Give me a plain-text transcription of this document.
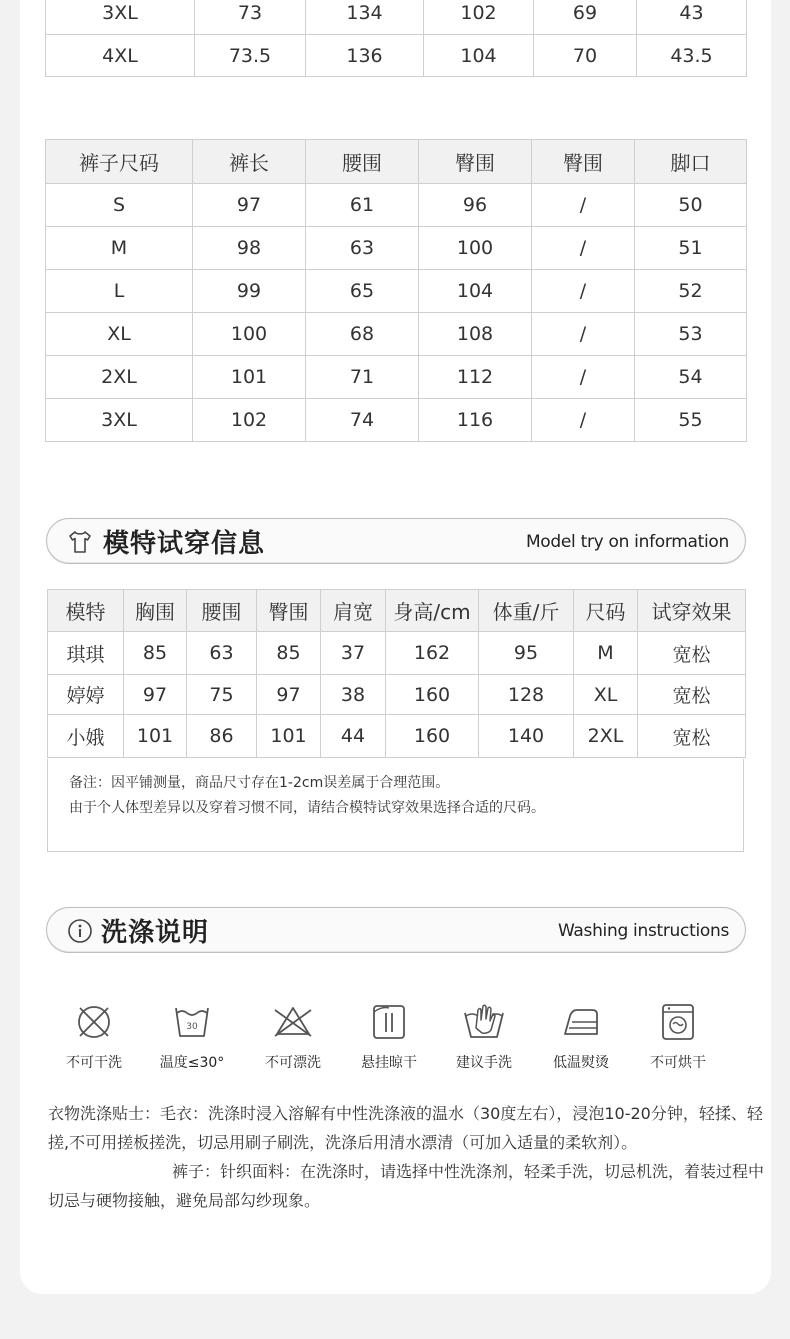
3XL	73	134	102	69	43
4XL	73.5	136	104	70	43.5
裤子尺码	裤长	腰围	臀围	臀围	脚口
S	97	61	96	/	50
M	98	63	100	/	51
L	99	65	104	/	52
XL	100	68	108	/	53
2XL	101	71	112	/	54
3XL	102	74	116	/	55
模特试穿信息	Model try on information
模特	胸围	腰围	臀围	肩宽	身高/cm	体重/斤	尺码	试穿效果
琪琪	85	63	85	37	162	95	M	宽松
婷婷	97	75	97	38	160	128	XL	宽松
小娥	101	86	101	44	160	140	2XL	宽松
备注：因平铺测量，商品尺寸存在1-2cm误差属于合理范围。
由于个人体型差异以及穿着习惯不同，请结合模特试穿效果选择合适的尺码。
洗涤说明	Washing instructions
不可干洗
30
温度≤30°	不可漂洗	悬挂晾干	建议手洗	低温熨烫	不可烘干

衣物洗涤贴士：毛衣：洗涤时浸入溶解有中性洗涤液的温水（30度左右），浸泡10-20分钟，轻揉、轻搓,不可用搓板搓洗，切忌用刷子刷洗，洗涤后用清水漂清（可加入适量的柔软剂）。

裤子：针织面料：在洗涤时，请选择中性洗涤剂，轻柔手洗，切忌机洗，着装过程中切忌与硬物接触，避免局部勾纱现象。
